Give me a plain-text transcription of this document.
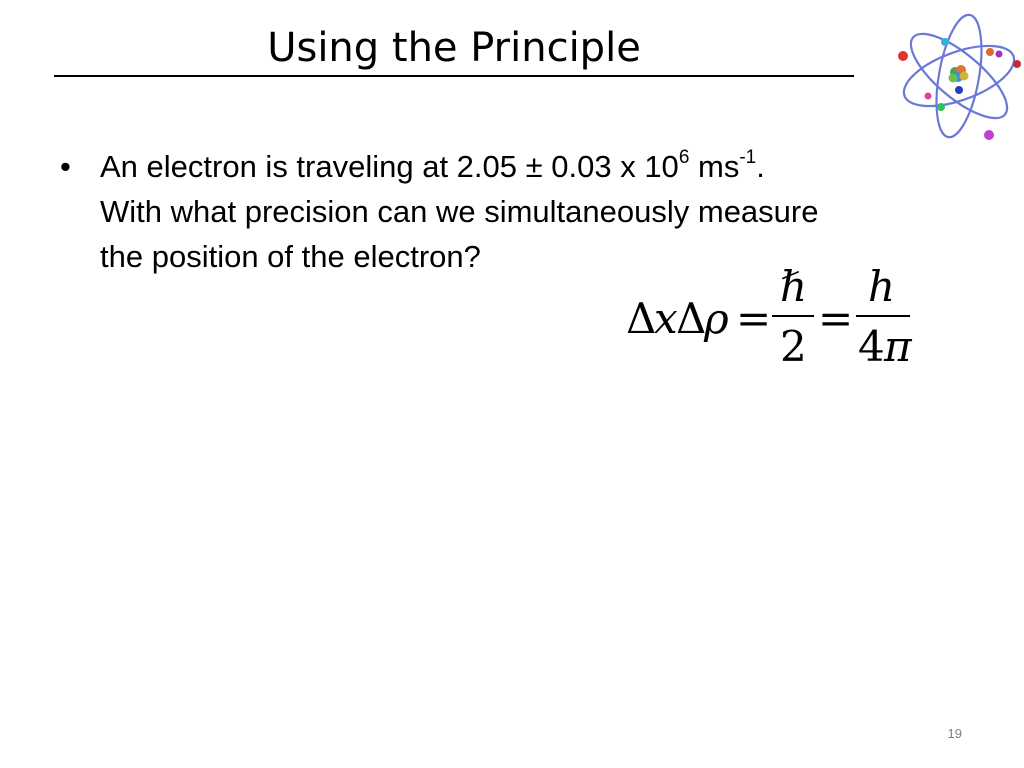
Using the Principle
• An electron is traveling at 2.05 ± 0.03 x $10^6$ $ms^{-1}$.
With what precision can we simultaneously measure
the position of the electron?
Δ
x
Δ
ρ =
ℏ
2
=
h
4 π
19
